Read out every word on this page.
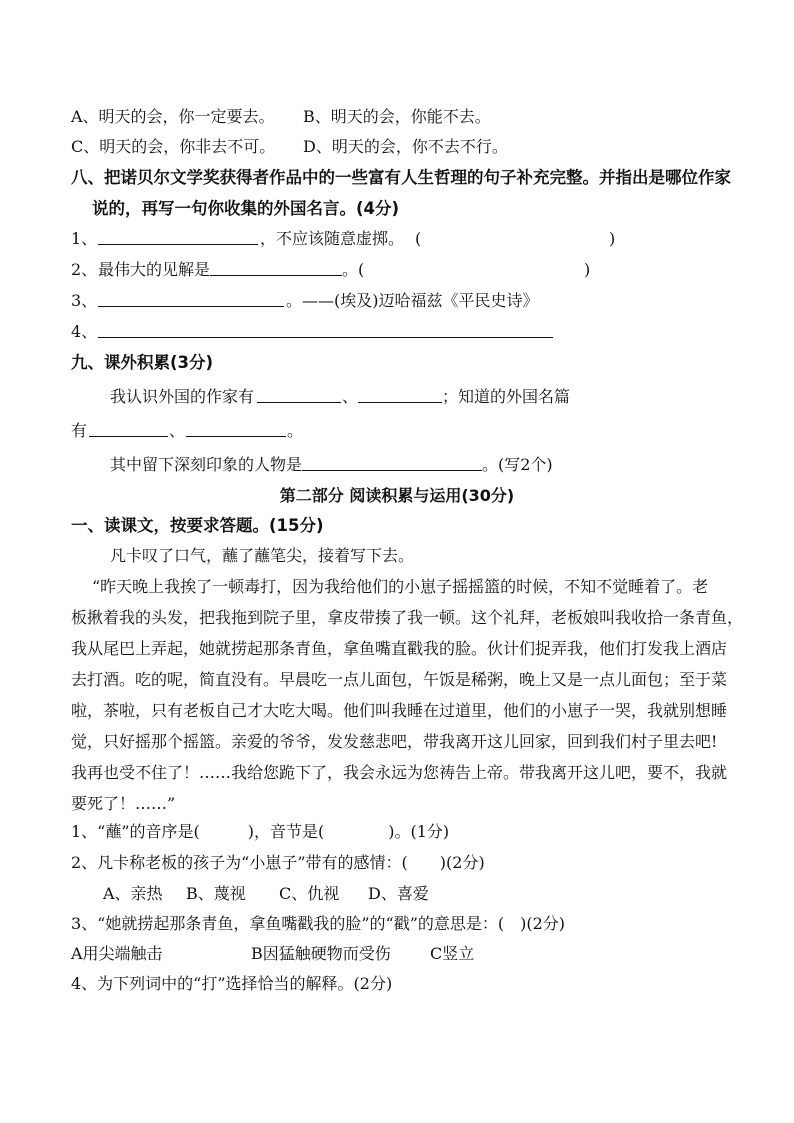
A、明天的会，你一定要去。 B、明天的会，你能不去。
C、明天的会，你非去不可。 D、明天的会，你不去不行。
八、把诺贝尔文学奖获得者作品中的一些富有人生哲理的句子补充完整。并指出是哪位作家
说的，再写一句你收集的外国名言。(4分)
1、	，不应该随意虚掷。 (	)
2、 最伟大的见解是	。(	)
3、	。——(埃及)迈哈福兹《平民史诗》
4、
九、课外积累(3分)
我认识外国的作家有	、	；知道的外国名篇
有	、	。
其中留下深刻印象的人物是	。(写2个)
第二部分 阅读积累与运用(30分)
一、读课文，按要求答题。(15分)
凡卡叹了口气，蘸了蘸笔尖，接着写下去。
“昨天晚上我挨了一顿毒打，因为我给他们的小崽子摇摇篮的时候，不知不觉睡着了。老
板揪着我的头发，把我拖到院子里，拿皮带揍了我一顿。这个礼拜，老板娘叫我收拾一条青鱼，
我从尾巴上弄起，她就捞起那条青鱼，拿鱼嘴直戳我的脸。伙计们捉弄我，他们打发我上酒店
去打酒。吃的呢，简直没有。早晨吃一点儿面包，午饭是稀粥，晚上又是一点儿面包；至于菜
啦，茶啦，只有老板自己才大吃大喝。他们叫我睡在过道里，他们的小崽子一哭，我就别想睡
觉，只好摇那个摇篮。亲爱的爷爷，发发慈悲吧，带我离开这儿回家，回到我们村子里去吧!
我再也受不住了！……我给您跪下了，我会永远为您祷告上帝。带我离开这儿吧，要不，我就
要死了！……”
1、“蘸”的音序是(　　　)，音节是(　　　　)。(1分)
2、凡卡称老板的孩子为“小崽子”带有的感情：(　　)(2分)
A、亲热 B、蔑视 C、仇视 D、喜爱
3、“她就捞起那条青鱼，拿鱼嘴戳我的脸”的“戳”的意思是：(　)(2分)
A用尖端触击	B因猛触硬物而受伤 C竖立
4、为下列词中的“打”选择恰当的解释。(2分)
